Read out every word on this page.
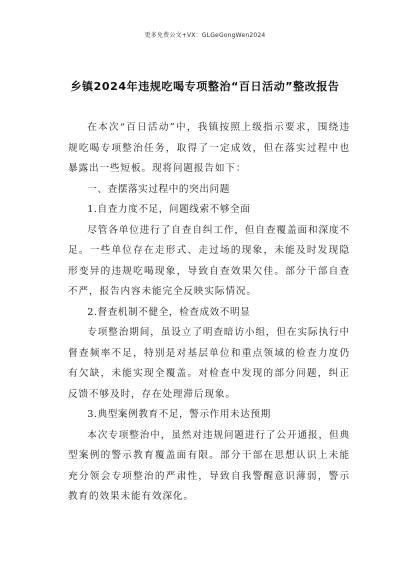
更多免费公文+VX：GLGeGongWen2024
乡镇2024年违规吃喝专项整治“百日活动”整改报告

在本次“百日活动”中，我镇按照上级指示要求，围绕违规吃喝专项整治任务，取得了一定成效，但在落实过程中也暴露出一些短板。现将问题报告如下：

一、查摆落实过程中的突出问题

1.自查力度不足，问题线索不够全面

尽管各单位进行了自查自纠工作，但自查覆盖面和深度不足。一些单位存在走形式、走过场的现象，未能及时发现隐形变异的违规吃喝现象，导致自查效果欠佳。部分干部自查不严，报告内容未能完全反映实际情况。

2.督查机制不健全，检查成效不明显

专项整治期间，虽设立了明查暗访小组，但在实际执行中督查频率不足，特别是对基层单位和重点领域的检查力度仍有欠缺，未能实现全覆盖。对检查中发现的部分问题，纠正反馈不够及时，存在处理滞后现象。

3.典型案例教育不足，警示作用未达预期

本次专项整治中，虽然对违规问题进行了公开通报，但典型案例的警示教育覆盖面有限。部分干部在思想认识上未能充分领会专项整治的严肃性，导致自我警醒意识薄弱，警示教育的效果未能有效深化。
